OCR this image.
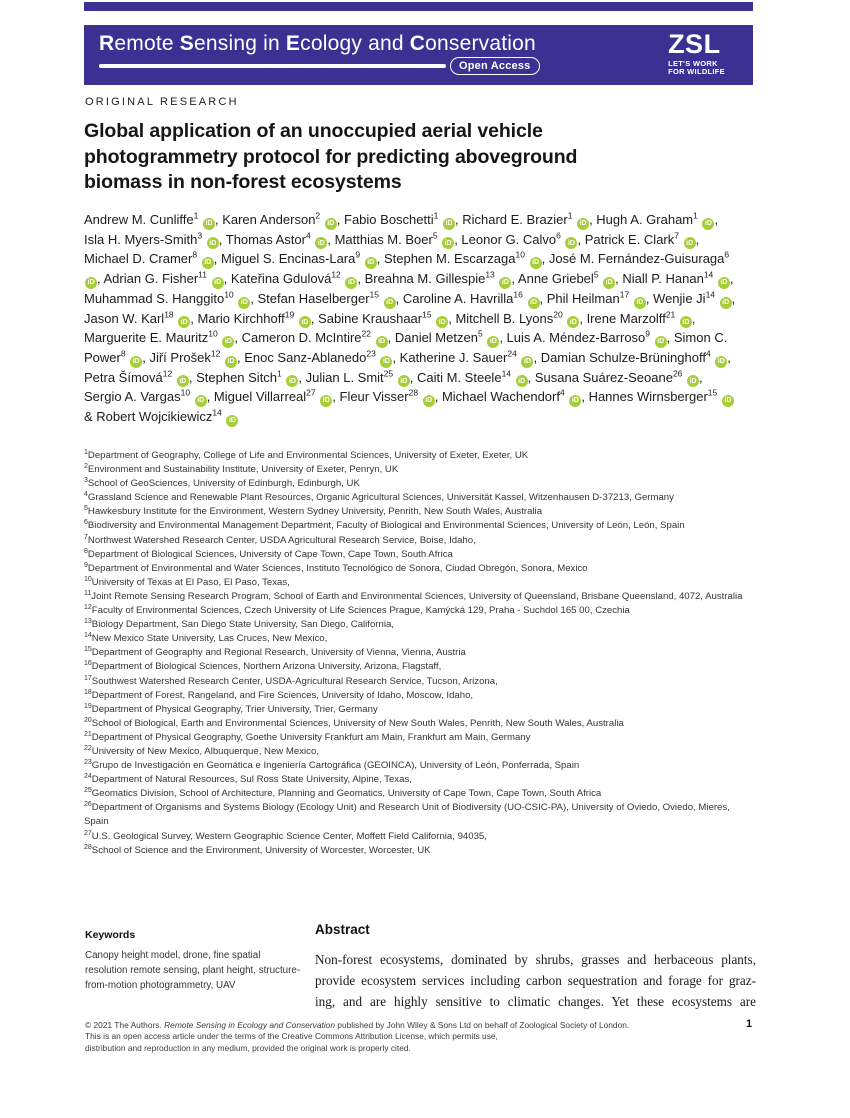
Remote Sensing in Ecology and Conservation
Open Access
ZSL
LET'S WORK
FOR WILDLIFE
ORIGINAL RESEARCH
Global application of an unoccupied aerial vehicle photogrammetry protocol for predicting aboveground biomass in non-forest ecosystems
Andrew M. Cunliffe$^1$ iD , Karen Anderson$^2$ iD , Fabio Boschetti$^1$ iD , Richard E. Brazier$^1$ iD , Hugh A. Graham$^1$ iD , Isla H. Myers-Smith$^3$ iD , Thomas Astor$^4$ iD , Matthias M. Boer$^5$ iD , Leonor G. Calvo$^6$ iD , Patrick E. Clark$^7$ iD , Michael D. Cramer$^8$ iD , Miguel S. Encinas-Lara$^9$ iD , Stephen M. Escarzaga$^{10}$ iD , José M. Fernández-Guisuraga$^6$ iD , Adrian G. Fisher$^{11}$ iD , Kateřina Gdulová$^{12}$ iD , Breahna M. Gillespie$^{13}$ iD , Anne Griebel$^5$ iD , Niall P. Hanan$^{14}$ iD , Muhammad S. Hanggito$^{10}$ iD , Stefan Haselberger$^{15}$ iD , Caroline A. Havrilla$^{16}$ iD , Phil Heilman$^{17}$ iD , Wenjie Ji$^{14}$ iD , Jason W. Karl$^{18}$ iD , Mario Kirchhoff$^{19}$ iD , Sabine Kraushaar$^{15}$ iD , Mitchell B. Lyons$^{20}$ iD , Irene Marzolff$^{21}$ iD , Marguerite E. Mauritz$^{10}$ iD , Cameron D. McIntire$^{22}$ iD , Daniel Metzen$^5$ iD , Luis A. Méndez-Barroso$^9$ iD , Simon C. Power$^8$ iD , Jiří Prošek$^{12}$ iD , Enoc Sanz-Ablanedo$^{23}$ iD , Katherine J. Sauer$^{24}$ iD , Damian Schulze-Brüninghoff$^4$ iD , Petra Šímová$^{12}$ iD , Stephen Sitch$^1$ iD , Julian L. Smit$^{25}$ iD , Caiti M. Steele$^{14}$ iD , Susana Suárez-Seoane$^{26}$ iD , Sergio A. Vargas$^{10}$ iD , Miguel Villarreal$^{27}$ iD , Fleur Visser$^{28}$ iD , Michael Wachendorf$^4$ iD , Hannes Wirnsberger$^{15}$ iD & Robert Wojcikiewicz$^{14}$ iD
$^1$Department of Geography, College of Life and Environmental Sciences, University of Exeter, Exeter, UK
$^2$Environment and Sustainability Institute, University of Exeter, Penryn, UK
$^3$School of GeoSciences, University of Edinburgh, Edinburgh, UK
$^4$Grassland Science and Renewable Plant Resources, Organic Agricultural Sciences, Universität Kassel, Witzenhausen D-37213, Germany
$^5$Hawkesbury Institute for the Environment, Western Sydney University, Penrith, New South Wales, Australia
$^6$Biodiversity and Environmental Management Department, Faculty of Biological and Environmental Sciences, University of León, León, Spain
$^7$Northwest Watershed Research Center, USDA Agricultural Research Service, Boise, Idaho,
$^8$Department of Biological Sciences, University of Cape Town, Cape Town, South Africa
$^9$Department of Environmental and Water Sciences, Instituto Tecnológico de Sonora, Ciudad Obregón, Sonora, Mexico
$^{10}$University of Texas at El Paso, El Paso, Texas,
$^{11}$Joint Remote Sensing Research Program, School of Earth and Environmental Sciences, University of Queensland, Brisbane Queensland, 4072, Australia
$^{12}$Faculty of Environmental Sciences, Czech University of Life Sciences Prague, Kamýcká 129, Praha - Suchdol 165 00, Czechia
$^{13}$Biology Department, San Diego State University, San Diego, California,
$^{14}$New Mexico State University, Las Cruces, New Mexico,
$^{15}$Department of Geography and Regional Research, University of Vienna, Vienna, Austria
$^{16}$Department of Biological Sciences, Northern Arizona University, Arizona, Flagstaff,
$^{17}$Southwest Watershed Research Center, USDA-Agricultural Research Service, Tucson, Arizona,
$^{18}$Department of Forest, Rangeland, and Fire Sciences, University of Idaho, Moscow, Idaho,
$^{19}$Department of Physical Geography, Trier University, Trier, Germany
$^{20}$School of Biological, Earth and Environmental Sciences, University of New South Wales, Penrith, New South Wales, Australia
$^{21}$Department of Physical Geography, Goethe University Frankfurt am Main, Frankfurt am Main, Germany
$^{22}$University of New Mexico, Albuquerque, New Mexico,
$^{23}$Grupo de Investigación en Geomática e Ingeniería Cartográfica (GEOINCA), University of León, Ponferrada, Spain
$^{24}$Department of Natural Resources, Sul Ross State University, Alpine, Texas,
$^{25}$Geomatics Division, School of Architecture, Planning and Geomatics, University of Cape Town, Cape Town, South Africa
$^{26}$Department of Organisms and Systems Biology (Ecology Unit) and Research Unit of Biodiversity (UO-CSIC-PA), University of Oviedo, Oviedo, Mieres, Spain
$^{27}$U.S. Geological Survey, Western Geographic Science Center, Moffett Field California, 94035,
$^{28}$School of Science and the Environment, University of Worcester, Worcester, UK
Keywords
Canopy height model, drone, fine spatial resolution remote sensing, plant height, structure-from-motion photogrammetry, UAV
Abstract
Non-forest ecosystems, dominated by shrubs, grasses and herbaceous plants,
provide ecosystem services including carbon sequestration and forage for graz-
ing, and are highly sensitive to climatic changes. Yet these ecosystems are
© 2021 The Authors. Remote Sensing in Ecology and Conservation published by John Wiley & Sons Ltd on behalf of Zoological Society of London.
This is an open access article under the terms of the Creative Commons Attribution License, which permits use,
distribution and reproduction in any medium, provided the original work is properly cited.
1
